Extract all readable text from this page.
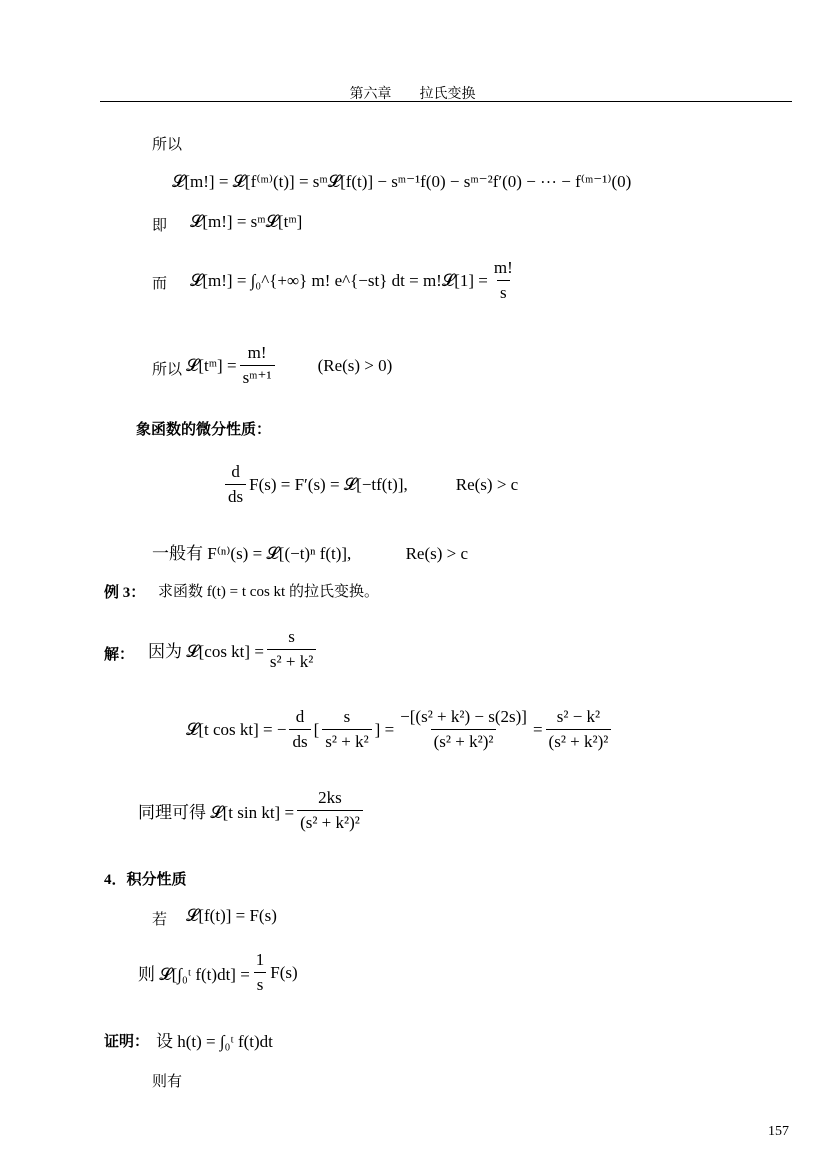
第六章　　拉氏变换
所以
𝓛[m!] = 𝓛[f⁽ᵐ⁾(t)] = sᵐ𝓛[f(t)] − sᵐ⁻¹f(0) − sᵐ⁻²f′(0) − ⋯ − f⁽ᵐ⁻¹⁾(0)
即 𝓛[m!] = sᵐ𝓛[tᵐ]
而 𝓛[m!] = ∫₀^{+∞} m! e^{−st} dt = m!𝓛[1] = $\frac{m!}{s}$
所以 𝓛[tᵐ] = $\frac{m!}{\text{sᵐ⁺¹}}$	(Re(s) > 0)
象函数的微分性质：
$\frac{d}{ds} F(s) = F'(s)$ = 𝓛[−tf(t)],	Re(s) > c
一般有 F⁽ⁿ⁾(s) = 𝓛[(−t)ⁿ f(t)],	Re(s) > c
例 3： 求函数 f(t) = t cos kt 的拉氏变换。
解： 因为 𝓛[cos $kt] = \frac{s}{\text{s² + k²}}$
𝓛[t cos kt] = − $\frac{d}{ds}$ [ $\frac{s}{\text{s² + k²}}$ ] = $\frac{\text{−[(s² + k²) − s(2s)]}}{\text{(s² + k²)²}} = \frac{\text{s² − k²}}{\text{(s² + k²)²}}$
同理可得 𝓛[t $\sin kt] = \frac{2ks}{\text{(s² + k²)²}}$
4．积分性质
若 𝓛[f(t)] = F(s)
则 𝓛[∫₀ᵗ $f(t)dt] = \frac{1}{s} F(s)$
证明： 设 h(t) = ∫₀ᵗ f(t)dt
则有
157
